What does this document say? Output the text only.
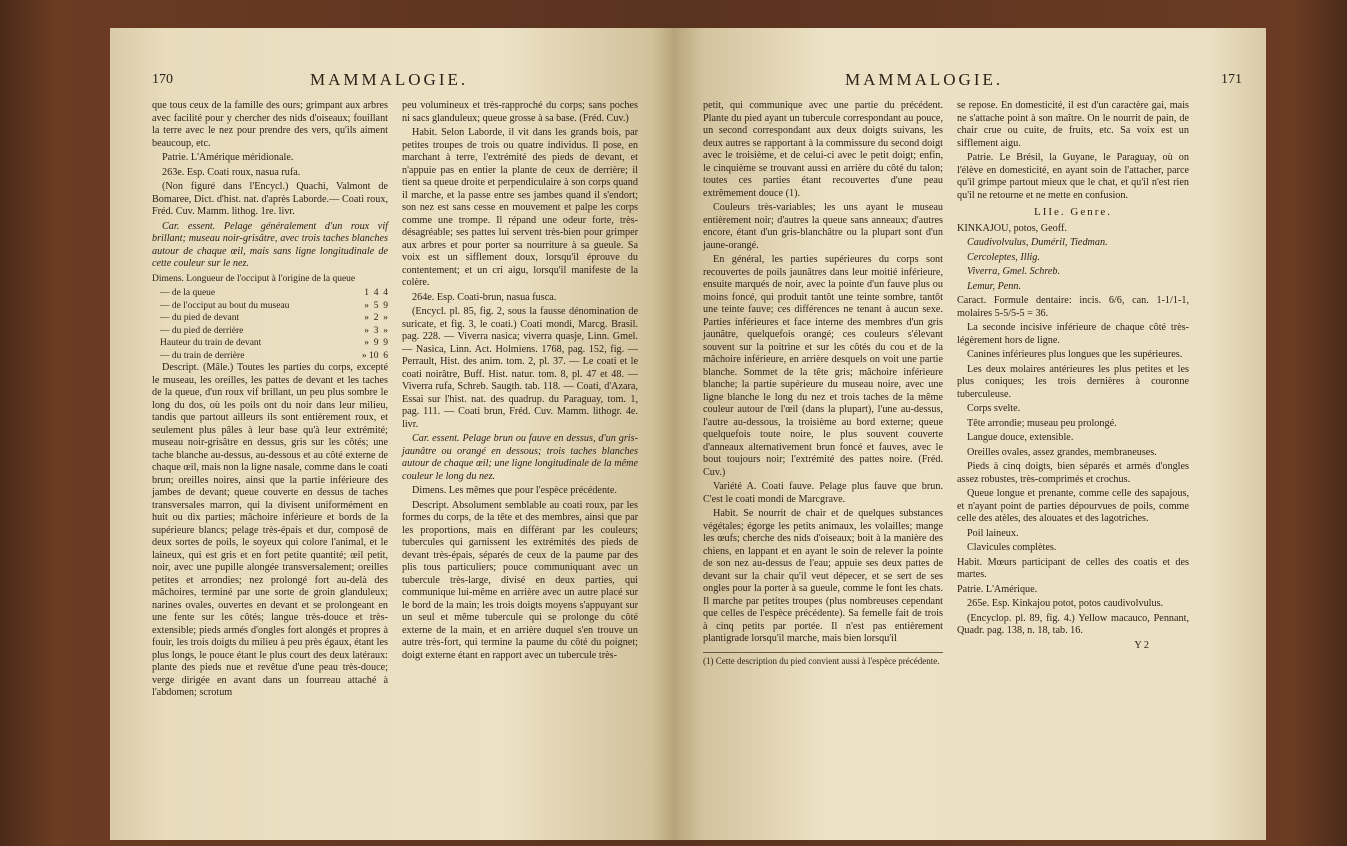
170	MAMMALOGIE.

que tous ceux de la famille des ours; grimpant aux arbres avec facilité pour y chercher des nids d'oiseaux; fouillant la terre avec le nez pour prendre des vers, qu'ils aiment beaucoup, etc.

Patrie. L'Amérique méridionale.

263e. Esp. Coati roux, nasua rufa.

(Non figuré dans l'Encycl.) Quachi, Valmont de Bomaree, Dict. d'hist. nat. d'après Laborde.— Coati roux, Fréd. Cuv. Mamm. lithog. 1re. livr.

Car. essent. Pelage généralement d'un roux vif brillant; museau noir-grisâtre, avec trois taches blanches autour de chaque œil, mais sans ligne longitudinale de cette couleur sur le nez.

Dimens. Longueur de l'occiput à l'origine de la queue

— de la queue	1  4  4
— de l'occiput au bout du museau	»  5  9
— du pied de devant	»  2  »
— du pied de derrière	»  3  »
Hauteur du train de devant	»  9  9
— du train de derrière	» 10  6

Descript. (Mâle.) Toutes les parties du corps, excepté le museau, les oreilles, les pattes de devant et les taches de la queue, d'un roux vif brillant, un peu plus sombre le long du dos, où les poils ont du noir dans leur milieu, tandis que partout ailleurs ils sont entièrement roux, et seulement plus pâles à leur base qu'à leur extrémité; museau noir-grisâtre en dessus, gris sur les côtés; une tache blanche au-dessus, au-dessous et au côté externe de chaque œil, mais non la ligne nasale, comme dans le coati brun; oreilles noires, ainsi que la partie inférieure des jambes de devant; queue couverte en dessus de taches transversales marron, qui la divisent uniformément en huit ou dix parties; mâchoire inférieure et bords de la supérieure blancs; pelage très-épais et dur, composé de deux sortes de poils, le soyeux qui colore l'animal, et le laineux, qui est gris et en fort petite quantité; œil petit, noir, avec une pupille alongée transversalement; oreilles petites et arrondies; nez prolongé fort au-delà des mâchoires, terminé par une sorte de groin glanduleux; narines ovales, ouvertes en devant et se prolongeant en une fente sur les côtés; langue très-douce et très-extensible; pieds armés d'ongles fort alongés et propres à fouir, les trois doigts du milieu à peu près égaux, étant les plus longs, le pouce étant le plus court des deux latéraux: plante des pieds nue et revêtue d'une peau très-douce; verge dirigée en avant dans un fourreau attaché à l'abdomen; scrotum

peu volumineux et très-rapproché du corps; sans poches ni sacs glanduleux; queue grosse à sa base. (Fréd. Cuv.)

Habit. Selon Laborde, il vit dans les grands bois, par petites troupes de trois ou quatre individus. Il pose, en marchant à terre, l'extrémité des pieds de devant, et n'appuie pas en entier la plante de ceux de derrière; il tient sa queue droite et perpendiculaire à son corps quand il marche, et la passe entre ses jambes quand il s'endort; son nez est sans cesse en mouvement et palpe les corps comme une trompe. Il répand une odeur forte, très-désagréable; ses pattes lui servent très-bien pour grimper aux arbres et pour porter sa nourriture à sa gueule. Sa voix est un sifflement doux, lorsqu'il éprouve du contentement; et un cri aigu, lorsqu'il manifeste de la colère.

264e. Esp. Coati-brun, nasua fusca.

(Encycl. pl. 85, fig. 2, sous la fausse dénomination de suricate, et fig. 3, le coati.) Coati mondi, Marcg. Brasil. pag. 228. — Viverra nasica; viverra quasje, Linn. Gmel. — Nasica, Linn. Act. Holmiens. 1768, pag. 152, fig. — Perrault, Hist. des anim. tom. 2, pl. 37. — Le coati et le coati noirâtre, Buff. Hist. natur. tom. 8, pl. 47 et 48. — Viverra rufa, Schreb. Saugth. tab. 118. — Coati, d'Azara, Essai sur l'hist. nat. des quadrup. du Paraguay, tom. 1, pag. 111. — Coati brun, Fréd. Cuv. Mamm. lithogr. 4e. livr.

Car. essent. Pelage brun ou fauve en dessus, d'un gris-jaunâtre ou orangé en dessous; trois taches blanches autour de chaque œil; une ligne longitudinale de la même couleur le long du nez.

Dimens. Les mêmes que pour l'espèce précédente.

Descript. Absolument semblable au coati roux, par les formes du corps, de la tête et des membres, ainsi que par les proportions, mais en différant par les couleurs; tubercules qui garnissent les extrémités des pieds de devant très-épais, séparés de ceux de la paume par des plis tous particuliers; pouce communiquant avec un tubercule très-large, divisé en deux parties, qui communique lui-même en arrière avec un autre placé sur le bord de la main; les trois doigts moyens s'appuyant sur un seul et même tubercule qui se prolonge du côté externe de la main, et en arrière duquel s'en trouve un autre très-fort, qui termine la paume du côté du poignet; doigt externe étant en rapport avec un tubercule très-

MAMMALOGIE.	171

petit, qui communique avec une partie du précédent. Plante du pied ayant un tubercule correspondant au pouce, un second correspondant aux deux doigts suivans, les deux autres se rapportant à la commissure du second doigt avec le troisième, et de celui-ci avec le petit doigt; enfin, le cinquième se trouvant aussi en arrière du côté du talon; toutes ces parties étant recouvertes d'une peau extrêmement douce (1).

Couleurs très-variables; les uns ayant le museau entièrement noir; d'autres la queue sans anneaux; d'autres encore, étant d'un gris-blanchâtre ou la plupart sont d'un jaune-orangé.

En général, les parties supérieures du corps sont recouvertes de poils jaunâtres dans leur moitié inférieure, ensuite marqués de noir, avec la pointe d'un fauve plus ou moins foncé, qui produit tantôt une teinte sombre, tantôt une teinte fauve; ces différences ne tenant à aucun sexe. Parties inférieures et face interne des membres d'un gris jaunâtre, quelquefois orangé; ces couleurs s'élevant souvent sur la poitrine et sur les côtés du cou et de la mâchoire inférieure, en arrière desquels on voit une partie blanche. Sommet de la tête gris; mâchoire inférieure blanche; la partie supérieure du museau noire, avec une ligne blanche le long du nez et trois taches de la même couleur autour de l'œil (dans la plupart), l'une au-dessus, l'autre au-dessous, la troisième au bord externe; queue quelquefois toute noire, le plus souvent couverte d'anneaux alternativement brun foncé et fauves, avec le bout toujours noir; l'extrémité des pattes noire. (Fréd. Cuv.)

Variété A. Coati fauve. Pelage plus fauve que brun. C'est le coati mondi de Marcgrave.

Habit. Se nourrit de chair et de quelques substances végétales; égorge les petits animaux, les volailles; mange les œufs; cherche des nids d'oiseaux; boit à la manière des chiens, en lappant et en ayant le soin de relever la pointe de son nez au-dessus de l'eau; appuie ses deux pattes de devant sur la chair qu'il veut dépecer, et se sert de ses ongles pour la porter à sa gueule, comme le font les chats. Il marche par petites troupes (plus nombreuses cependant que celles de l'espèce précédente). Sa femelle fait de trois à cinq petits par portée. Il n'est pas entièrement plantigrade lorsqu'il marche, mais bien lorsqu'il

(1) Cette description du pied convient aussi à l'espèce précédente.

se repose. En domesticité, il est d'un caractère gai, mais ne s'attache point à son maître. On le nourrit de pain, de chair crue ou cuite, de fruits, etc. Sa voix est un sifflement aigu.

Patrie. Le Brésil, la Guyane, le Paraguay, où on l'élève en domesticité, en ayant soin de l'attacher, parce qu'il grimpe partout mieux que le chat, et qu'il n'est rien qu'il ne retourne et ne mette en confusion.

LIIe. Genre.

KINKAJOU, potos, Geoff.

Caudivolvulus, Duméril, Tiedman.

Cercoleptes, Illig.

Viverra, Gmel. Schreb.

Lemur, Penn.

Caract. Formule dentaire: incis. 6/6, can. 1-1/1-1, molaires 5-5/5-5 = 36.

La seconde incisive inférieure de chaque côté très-légèrement hors de ligne.

Canines inférieures plus longues que les supérieures.

Les deux molaires antérieures les plus petites et les plus coniques; les trois dernières à couronne tuberculeuse.

Corps svelte.

Tête arrondie; museau peu prolongé.

Langue douce, extensible.

Oreilles ovales, assez grandes, membraneuses.

Pieds à cinq doigts, bien séparés et armés d'ongles assez robustes, très-comprimés et crochus.

Queue longue et prenante, comme celle des sapajous, et n'ayant point de parties dépourvues de poils, comme celle des atèles, des alouates et des lagotriches.

Poil laineux.

Clavicules complètes.

Habit. Mœurs participant de celles des coatis et des martes.

Patrie. L'Amérique.

265e. Esp. Kinkajou potot, potos caudivolvulus.

(Encyclop. pl. 89, fig. 4.) Yellow macauco, Pennant, Quadr. pag. 138, n. 18, tab. 16.

Y 2
